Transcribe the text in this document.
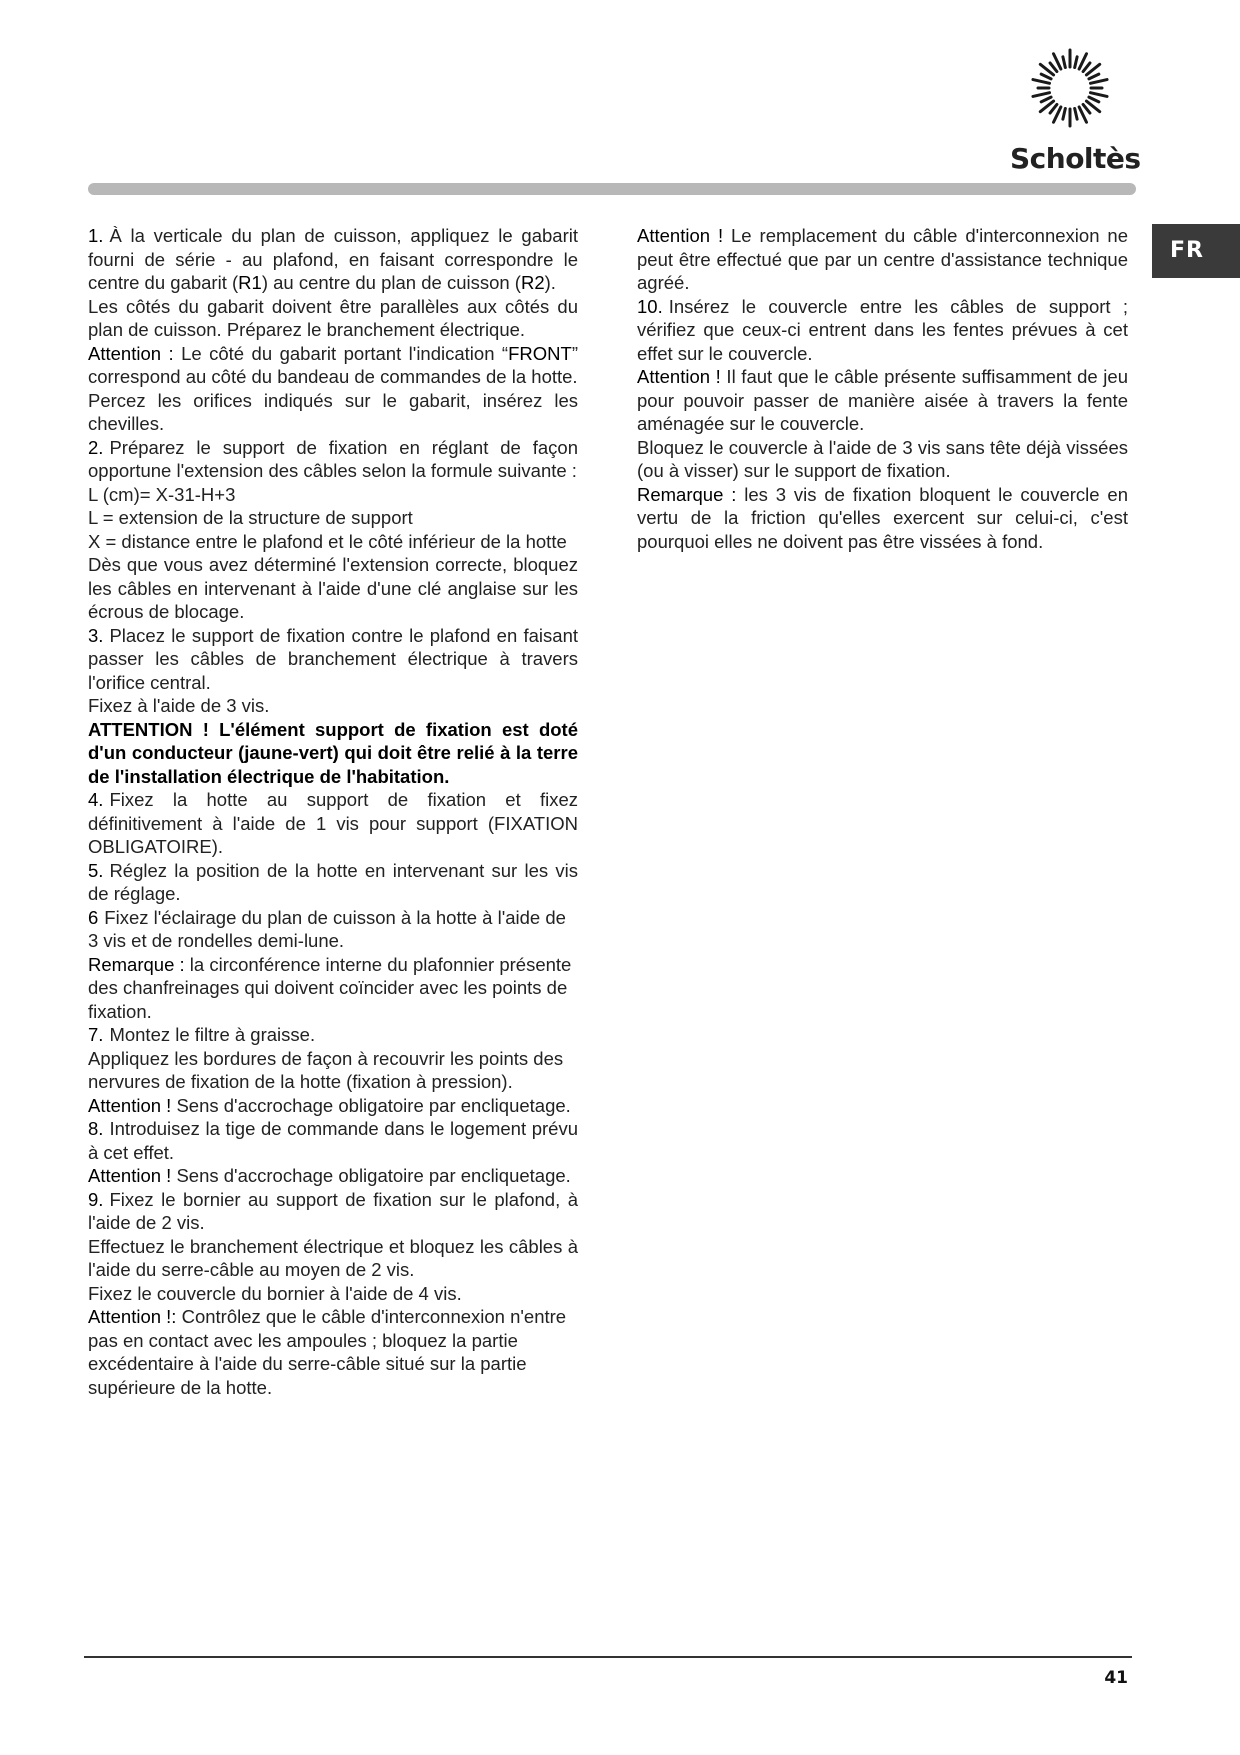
Scholtès
FR

1. À la verticale du plan de cuisson, appliquez le gabarit fourni de série - au plafond, en faisant correspondre le centre du gabarit (R1) au centre du plan de cuisson (R2).

Les côtés du gabarit doivent être parallèles aux côtés du plan de cuisson. Préparez le branchement électrique.

Attention : Le côté du gabarit portant l'indication “FRONT” correspond au côté du bandeau de commandes de la hotte.

Percez les orifices indiqués sur le gabarit, insérez les chevilles.

2. Préparez le support de fixation en réglant de façon opportune l'extension des câbles selon la formule suivante :

L (cm)= X-31-H+3

L = extension de la structure de support

X = distance entre le plafond et le côté inférieur de la hotte

Dès que vous avez déterminé l'extension correcte, bloquez les câbles en intervenant à l'aide d'une clé anglaise sur les écrous de blocage.

3. Placez le support de fixation contre le plafond en faisant passer les câbles de branchement électrique à travers l'orifice central.

Fixez à l'aide de 3 vis.

ATTENTION ! L'élément support de fixation est doté d'un conducteur (jaune-vert) qui doit être relié à la terre de l'installation électrique de l'habitation.

4. Fixez la hotte au support de fixation et fixez définitivement à l'aide de 1 vis pour support (FIXATION OBLIGATOIRE).

5. Réglez la position de la hotte en intervenant sur les vis de réglage.

6 Fixez l'éclairage du plan de cuisson à la hotte à l'aide de 3 vis et de rondelles demi-lune.

Remarque : la circonférence interne du plafonnier présente des chanfreinages qui doivent coïncider avec les points de fixation.

7. Montez le filtre à graisse.

Appliquez les bordures de façon à recouvrir les points des nervures de fixation de la hotte (fixation à pression).

Attention ! Sens d'accrochage obligatoire par encliquetage.

8. Introduisez la tige de commande dans le logement prévu à cet effet.

Attention ! Sens d'accrochage obligatoire par encliquetage.

9. Fixez le bornier au support de fixation sur le plafond, à l'aide de 2 vis.

Effectuez le branchement électrique et bloquez les câbles à l'aide du serre-câble au moyen de 2 vis.

Fixez le couvercle du bornier à l'aide de 4 vis.

Attention !: Contrôlez que le câble d'interconnexion n'entre pas en contact avec les ampoules ; bloquez la partie excédentaire à l'aide du serre-câble situé sur la partie supérieure de la hotte.

Attention ! Le remplacement du câble d'interconnexion ne peut être effectué que par un centre d'assistance technique agréé.

10. Insérez le couvercle entre les câbles de support ; vérifiez que ceux-ci entrent dans les fentes prévues à cet effet sur le couvercle.

Attention ! Il faut que le câble présente suffisamment de jeu pour pouvoir passer de manière aisée à travers la fente aménagée sur le couvercle.

Bloquez le couvercle à l'aide de 3 vis sans tête déjà vissées (ou à visser) sur le support de fixation.

Remarque : les 3 vis de fixation bloquent le couvercle en vertu de la friction qu'elles exercent sur celui-ci, c'est pourquoi elles ne doivent pas être vissées à fond.

41
